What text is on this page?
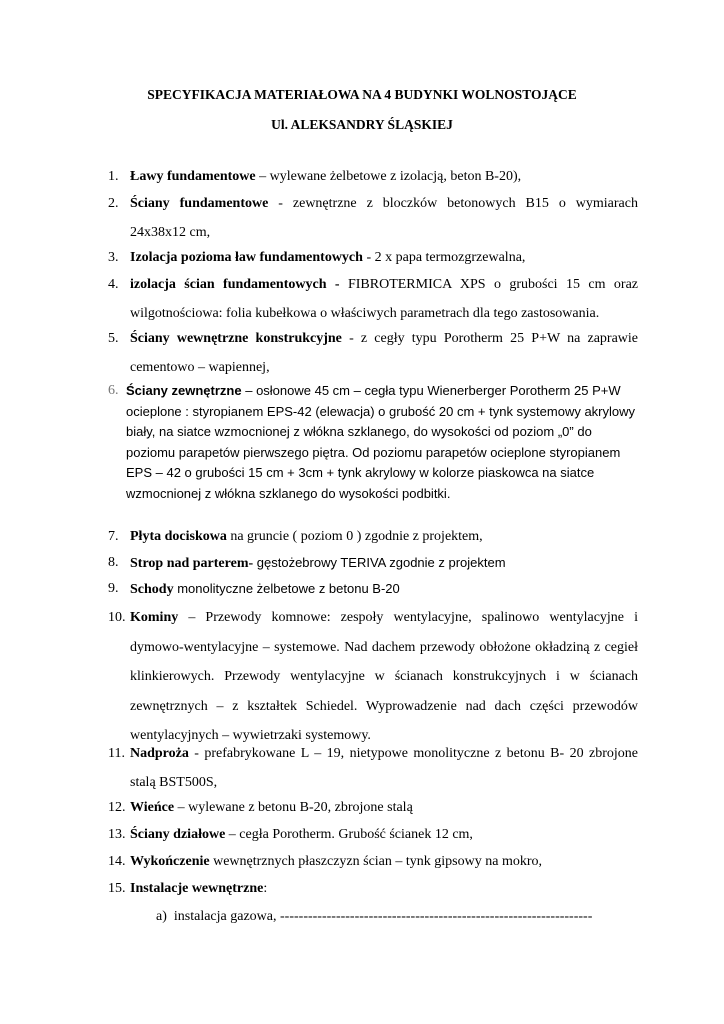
SPECYFIKACJA MATERIAŁOWA NA 4 BUDYNKI WOLNOSTOJĄCE
Ul. ALEKSANDRY ŚLĄSKIEJ
1. Ławy fundamentowe – wylewane żelbetowe z izolacją, beton B-20),
2. Ściany fundamentowe - zewnętrzne z bloczków betonowych B15 o wymiarach 24x38x12 cm,
3. Izolacja pozioma ław fundamentowych - 2 x papa termozgrzewalna,
4. izolacja ścian fundamentowych - FIBROTERMICA XPS o grubości 15 cm oraz wilgotnościowa: folia kubełkowa o właściwych parametrach dla tego zastosowania.
5. Ściany wewnętrzne konstrukcyjne - z cegły typu Porotherm 25 P+W na zaprawie cementowo – wapiennej,
6. Ściany zewnętrzne – osłonowe 45 cm – cegła typu Wienerberger Porotherm 25 P+W ocieplone : styropianem EPS-42 (elewacja) o grubość 20 cm + tynk systemowy akrylowy biały, na siatce wzmocnionej z włókna szklanego, do wysokości od poziom „0” do poziomu parapetów pierwszego piętra. Od poziomu parapetów ocieplone styropianem EPS – 42 o grubości 15 cm + 3cm + tynk akrylowy w kolorze piaskowca na siatce wzmocnionej z włókna szklanego do wysokości podbitki.
7. Płyta dociskowa na gruncie ( poziom 0 ) zgodnie z projektem,
8. Strop nad parterem- gęstożebrowy TERIVA zgodnie z projektem
9. Schody monolityczne żelbetowe z betonu B-20
10. Kominy – Przewody komnowe: zespoły wentylacyjne, spalinowo wentylacyjne i dymowo-wentylacyjne – systemowe. Nad dachem przewody obłożone okładziną z cegieł klinkierowych. Przewody wentylacyjne w ścianach konstrukcyjnych i w ścianach zewnętrznych – z kształtek Schiedel. Wyprowadzenie nad dach części przewodów wentylacyjnych – wywietrzaki systemowy.
11. Nadproża - prefabrykowane L – 19, nietypowe monolityczne z betonu B- 20 zbrojone stalą BST500S,
12. Wieńce – wylewane z betonu B-20, zbrojone stalą
13. Ściany działowe – cegła Porotherm. Grubość ścianek 12 cm,
14. Wykończenie wewnętrznych płaszczyzn ścian – tynk gipsowy na mokro,
15. Instalacje wewnętrzne:
a) instalacja gazowa, -------------------------------------------------------------------
